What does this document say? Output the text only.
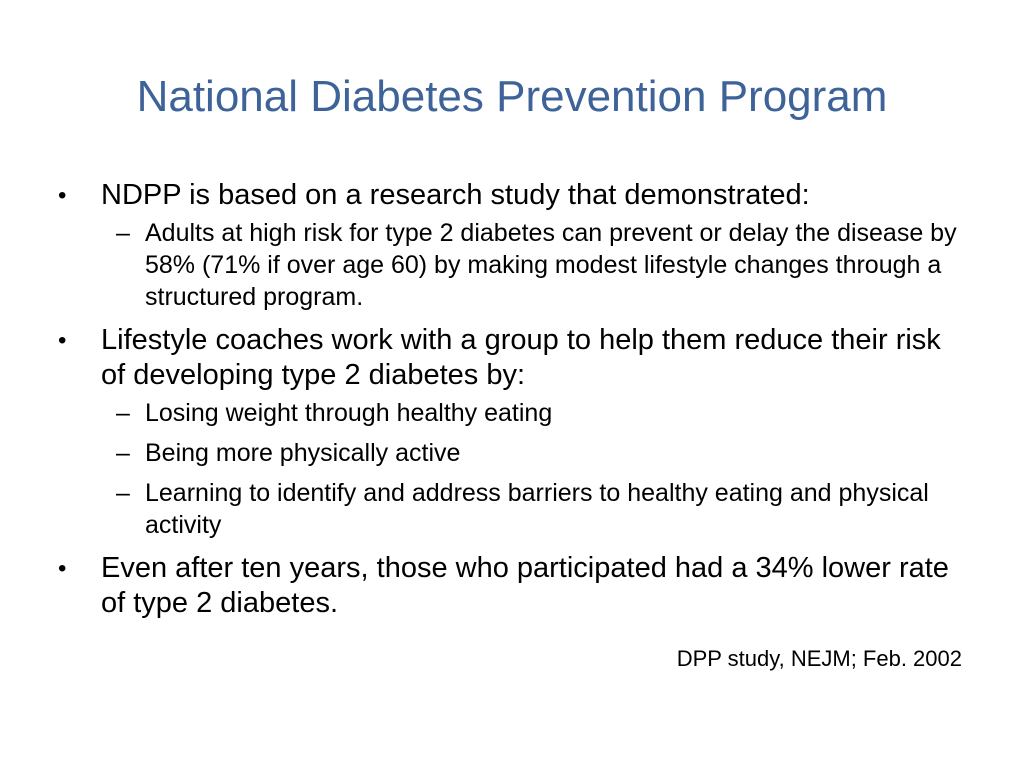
National Diabetes Prevention Program

•	NDPP is based on a research study that demonstrated:

– Adults at high risk for type 2 diabetes can prevent or delay the disease by 58% (71% if over age 60) by making modest lifestyle changes through a structured program.

•	Lifestyle coaches work with a group to help them reduce their risk of developing type 2 diabetes by:

– Losing weight through healthy eating

– Being more physically active

– Learning to identify and address barriers to healthy eating and physical activity

•	Even after ten years, those who participated had a 34% lower rate of type 2 diabetes.

DPP study, NEJM; Feb. 2002
